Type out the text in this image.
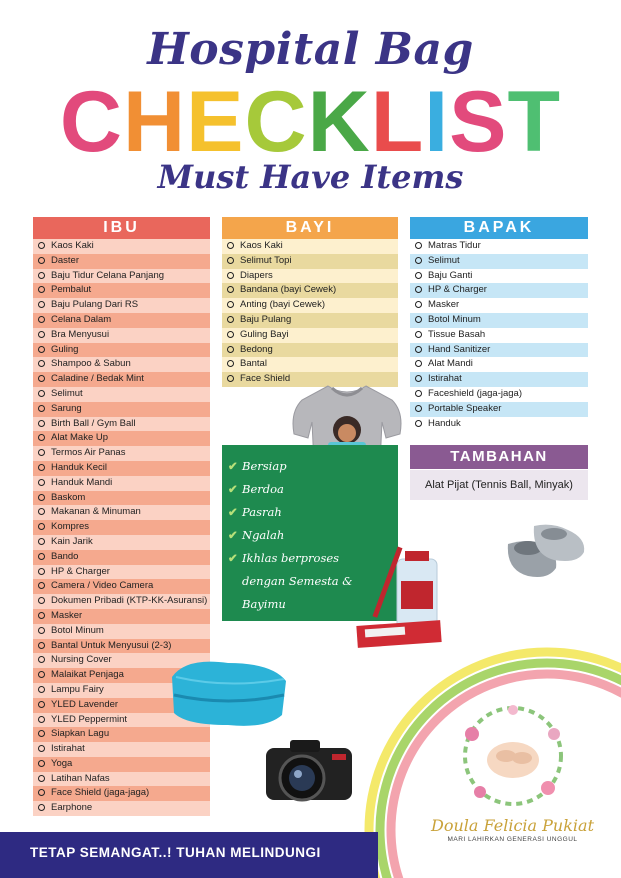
Hospital Bag
CHECKLIST
Must Have Items
IBU
Kaos Kaki
Daster
Baju Tidur Celana Panjang
Pembalut
Baju Pulang Dari RS
Celana Dalam
Bra Menyusui
Guling
Shampoo & Sabun
Caladine / Bedak Mint
Selimut
Sarung
Birth Ball / Gym Ball
Alat Make Up
Termos Air Panas
Handuk Kecil
Handuk Mandi
Baskom
Makanan & Minuman
Kompres
Kain Jarik
Bando
HP & Charger
Camera / Video Camera
Dokumen Pribadi (KTP-KK-Asuransi)
Masker
Botol Minum
Bantal Untuk Menyusui (2-3)
Nursing Cover
Malaikat Penjaga
Lampu Fairy
YLED Lavender
YLED Peppermint
Siapkan Lagu
Istirahat
Yoga
Latihan Nafas
Face Shield (jaga-jaga)
Earphone
BAYI
Kaos Kaki
Selimut Topi
Diapers
Bandana (bayi Cewek)
Anting (bayi Cewek)
Baju Pulang
Guling Bayi
Bedong
Bantal
Face Shield
BAPAK
Matras Tidur
Selimut
Baju Ganti
HP & Charger
Masker
Botol Minum
Tissue Basah
Hand Sanitizer
Alat Mandi
Istirahat
Faceshield (jaga-jaga)
Portable Speaker
Handuk
✔ Bersiap
✔ Berdoa
✔ Pasrah
✔ Ngalah
✔ Ikhlas berproses
dengan Semesta &
Bayimu
TAMBAHAN
Alat Pijat (Tennis Ball, Minyak)
Doula Felicia Pukiat
MARI LAHIRKAN GENERASI UNGGUL
TETAP SEMANGAT..! TUHAN MELINDUNGI
